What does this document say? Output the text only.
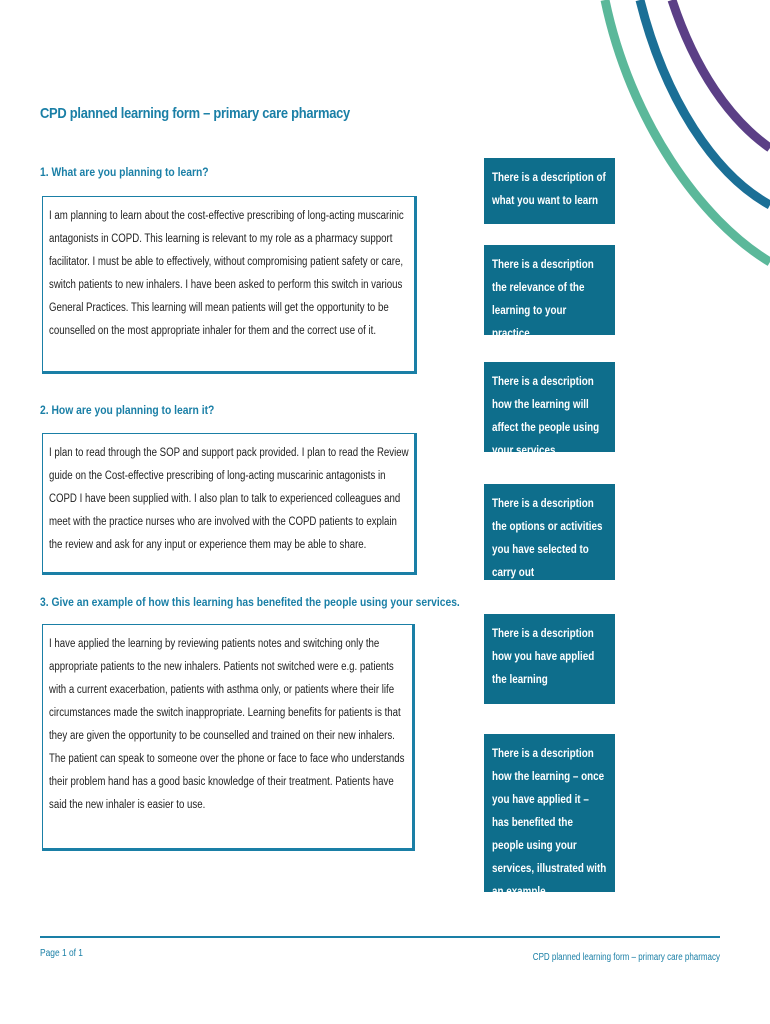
CPD planned learning form – primary care pharmacy
1. What are you planning to learn?

I am planning to learn about the cost-effective prescribing of long-acting muscarinic antagonists in COPD. This learning is relevant to my role as a pharmacy support facilitator. I must be able to effectively, without compromising patient safety or care, switch patients to new inhalers. I have been asked to perform this switch in various General Practices. This learning will mean patients will get the opportunity to be counselled on the most appropriate inhaler for them and the correct use of it.

2. How are you planning to learn it?

I plan to read through the SOP and support pack provided. I plan to read the Review guide on the Cost-effective prescribing of long-acting muscarinic antagonists in COPD I have been supplied with. I also plan to talk to experienced colleagues and meet with the practice nurses who are involved with the COPD patients to explain the review and ask for any input or experience them may be able to share.

3. Give an example of how this learning has benefited the people using your services.

I have applied the learning by reviewing patients notes and switching only the appropriate patients to the new inhalers. Patients not switched were e.g. patients with a current exacerbation, patients with asthma only, or patients where their life circumstances made the switch inappropriate. Learning benefits for patients is that they are given the opportunity to be counselled and trained on their new inhalers. The patient can speak to someone over the phone or face to face who understands their problem hand has a good basic knowledge of their treatment. Patients have said the new inhaler is easier to use.

There is a description of what you want to learn

There is a description the relevance of the learning to your practice

There is a description how the learning will affect the people using your services

There is a description the options or activities you have selected to carry out

There is a description how you have applied the learning

There is a description how the learning – once you have applied it – has benefited the people using your services, illustrated with an example

Page 1 of 1	CPD planned learning form – primary care pharmacy
